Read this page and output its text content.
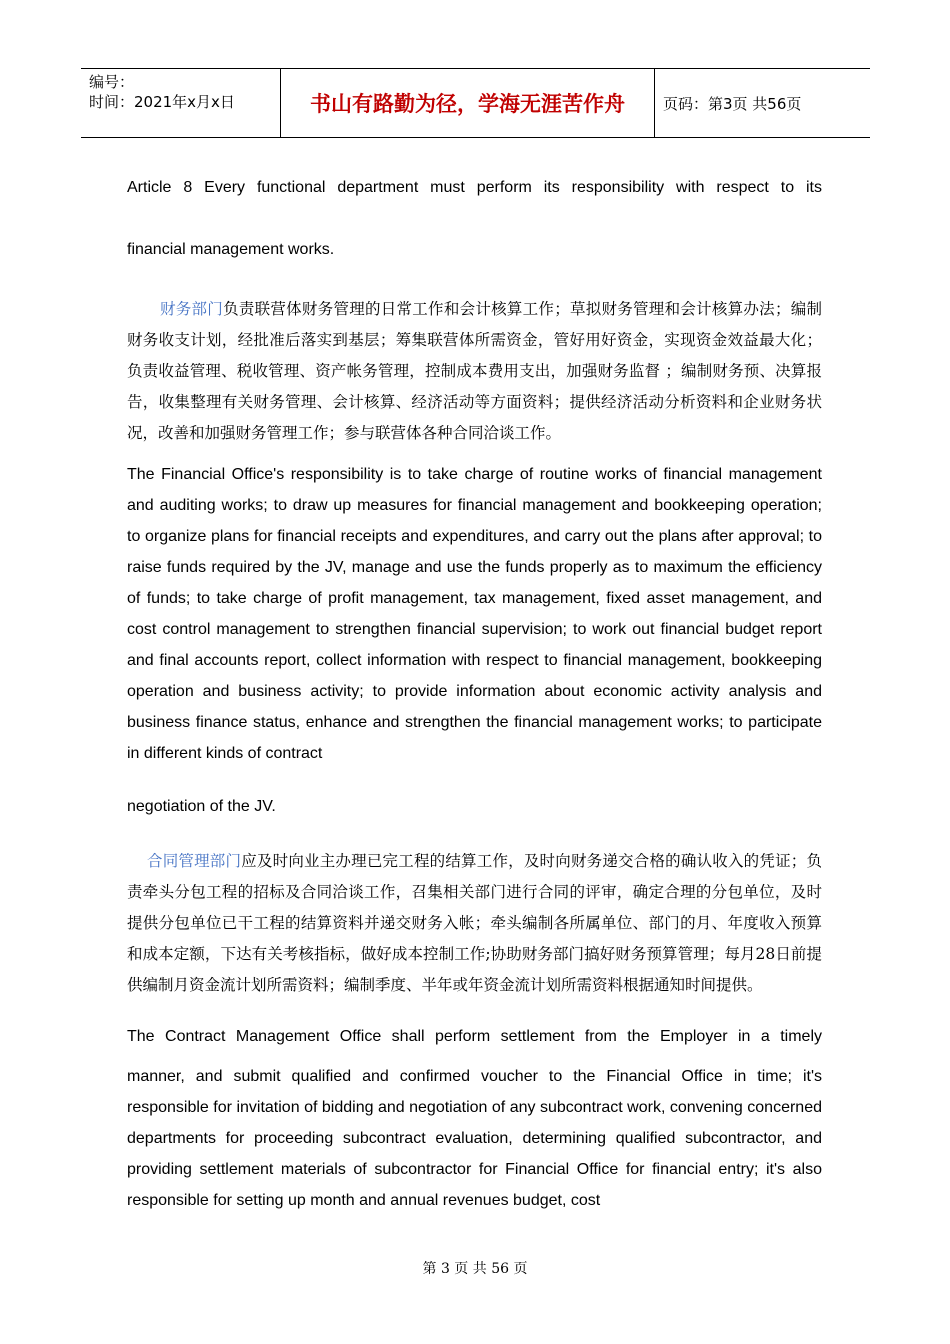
编号：
时间：2021年x月x日	书山有路勤为径，学海无涯苦作舟	页码：第3页 共56页

Article 8 Every functional department must perform its responsibility with respect to its

financial management works.

财务部门负责联营体财务管理的日常工作和会计核算工作；草拟财务管理和会计核算办法；编制财务收支计划，经批准后落实到基层；筹集联营体所需资金，管好用好资金，实现资金效益最大化；负责收益管理、税收管理、资产帐务管理，控制成本费用支出，加强财务监督 ；编制财务预、决算报告，收集整理有关财务管理、会计核算、经济活动等方面资料；提供经济活动分析资料和企业财务状况，改善和加强财务管理工作；参与联营体各种合同洽谈工作。

The Financial Office's responsibility is to take charge of routine works of financial management and auditing works; to draw up measures for financial management and bookkeeping operation; to organize plans for financial receipts and expenditures, and carry out the plans after approval; to raise funds required by the JV, manage and use the funds properly as to maximum the efficiency of funds; to take charge of profit management, tax management, fixed asset management, and cost control management to strengthen financial supervision; to work out financial budget report and final accounts report, collect information with respect to financial management, bookkeeping operation and business activity; to provide information about economic activity analysis and business finance status, enhance and strengthen the financial management works; to participate in different kinds of contract

negotiation of the JV.

合同管理部门应及时向业主办理已完工程的结算工作，及时向财务递交合格的确认收入的凭证；负责牵头分包工程的招标及合同洽谈工作，召集相关部门进行合同的评审，确定合理的分包单位，及时提供分包单位已干工程的结算资料并递交财务入帐；牵头编制各所属单位、部门的月、年度收入预算和成本定额，下达有关考核指标，做好成本控制工作;协助财务部门搞好财务预算管理；每月28日前提供编制月资金流计划所需资料；编制季度、半年或年资金流计划所需资料根据通知时间提供。

The Contract Management Office shall perform settlement from the Employer in a timely

manner, and submit qualified and confirmed voucher to the Financial Office in time; it's responsible for invitation of bidding and negotiation of any subcontract work, convening concerned departments for proceeding subcontract evaluation, determining qualified subcontractor, and providing settlement materials of subcontractor for Financial Office for financial entry; it's also responsible for setting up month and annual revenues budget, cost

第 3 页 共 56 页
